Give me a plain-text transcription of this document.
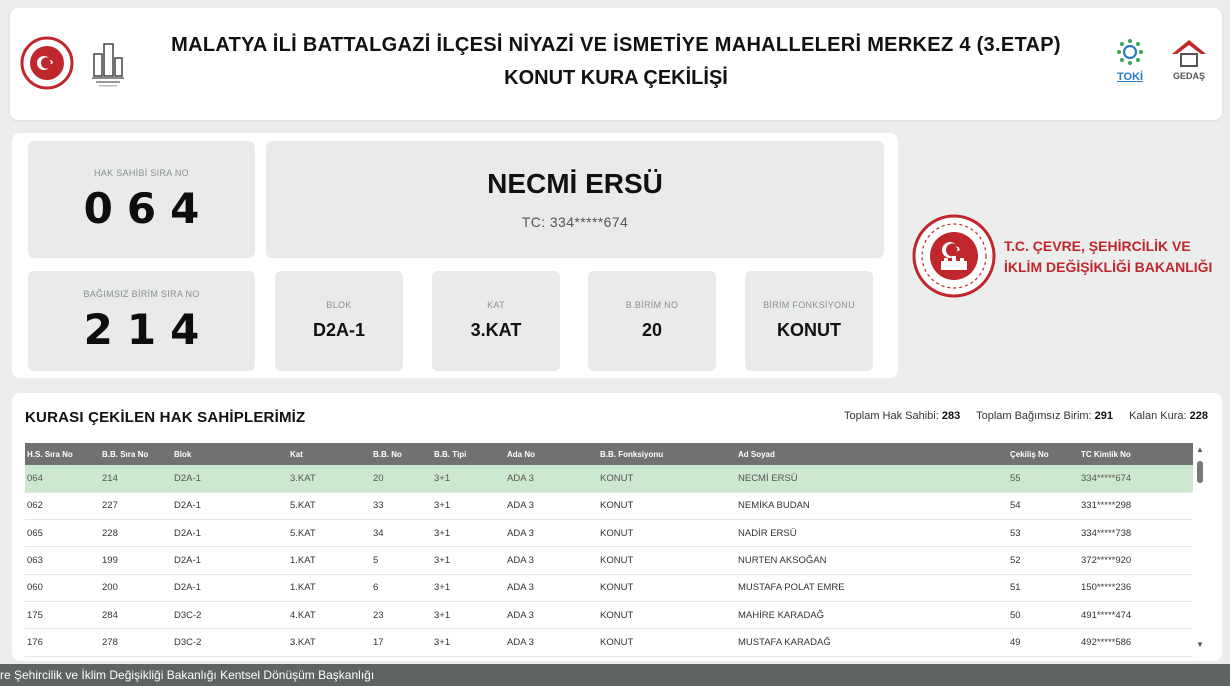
MALATYA İLİ BATTALGAZİ İLÇESİ NİYAZİ VE İSMETİYE MAHALLELERİ MERKEZ 4 (3.ETAP)
KONUT KURA ÇEKİLİŞİ	TOKİ	GEDAŞ
HAK SAHİBİ SIRA NO
064
NECMİ ERSÜ
TC: 334*****674
BAĞIMSIZ BİRİM SIRA NO
214	BLOK
D2A-1
KAT
3.KAT
B.BİRİM NO
20
BİRİM FONKSİYONU
KONUT
T.C. ÇEVRE, ŞEHİRCİLİK VE
İKLİM DEĞİŞİKLİĞİ BAKANLIĞI
KURASI ÇEKİLEN HAK SAHİPLERİMİZ	Toplam Hak Sahibi: 283 Toplam Bağımsız Birim: 291 Kalan Kura: 228
H.S. Sıra No	B.B. Sıra No	Blok	Kat	B.B. No	B.B. Tipi	Ada No	B.B. Fonksiyonu	Ad Soyad	Çekiliş No	TC Kimlik No
064	214	D2A-1	3.KAT	20	3+1	ADA 3	KONUT	NECMİ ERSÜ	55	334*****674
062	227	D2A-1	5.KAT	33	3+1	ADA 3	KONUT	NEMİKA BUDAN	54	331*****298
065	228	D2A-1	5.KAT	34	3+1	ADA 3	KONUT	NADİR ERSÜ	53	334*****738
063	199	D2A-1	1.KAT	5	3+1	ADA 3	KONUT	NURTEN AKSOĞAN	52	372*****920
060	200	D2A-1	1.KAT	6	3+1	ADA 3	KONUT	MUSTAFA POLAT EMRE	51	150*****236
175	284	D3C-2	4.KAT	23	3+1	ADA 3	KONUT	MAHİRE KARADAĞ	50	491*****474
176	278	D3C-2	3.KAT	17	3+1	ADA 3	KONUT	MUSTAFA KARADAĞ	49	492*****586
▲
▼
re Şehircilik ve İklim Değişikliği Bakanlığı Kentsel Dönüşüm Başkanlığı
